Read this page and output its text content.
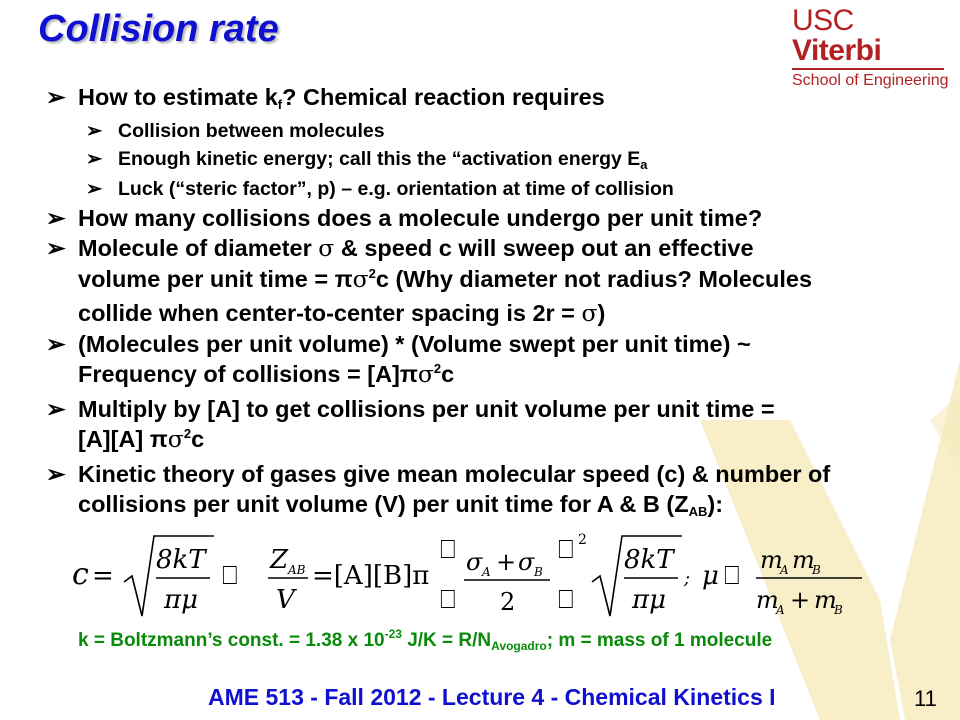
Collision rate	USC Viterbi
School of Engineering
➢ How to estimate kf? Chemical reaction requires
➢ Collision between molecules
➢ Enough kinetic energy; call this the “activation energy $E_a$
➢ Luck (“steric factor”, p) – e.g. orientation at time of collision
➢ How many collisions does a molecule undergo per unit time?
➢ Molecule of diameter σ & speed c will sweep out an effective
volume per unit time = $\pi\sigma^2c$ (Why diameter not radius? Molecules
collide when center-to-center spacing is 2r = σ)
➢ (Molecules per unit volume) * (Volume swept per unit time) ~
Frequency of collisions = $[A]\pi\sigma^2c$
➢ Multiply by [A] to get collisions per unit volume per unit time =
[A][A] $\pi\sigma^2c$
➢ Kinetic theory of gases give mean molecular speed (c) & number of
collisions per unit volume (V) per unit time for A & B (ZAB):
c =
8kT
πμ
⎕
Z AB
V
=[A][B]π
⎕
⎕
σ A + σ B
2
⎕
⎕
2
8kT
πμ
; μ ⎕
m
A m
B
m
A + m
B
k = Boltzmann’s const. = 1.38 x $10^{-23}$ $J/K = R/N_{Avogadro}$; m = mass of 1 molecule
AME 513 - Fall 2012 - Lecture 4 - Chemical Kinetics I	11
